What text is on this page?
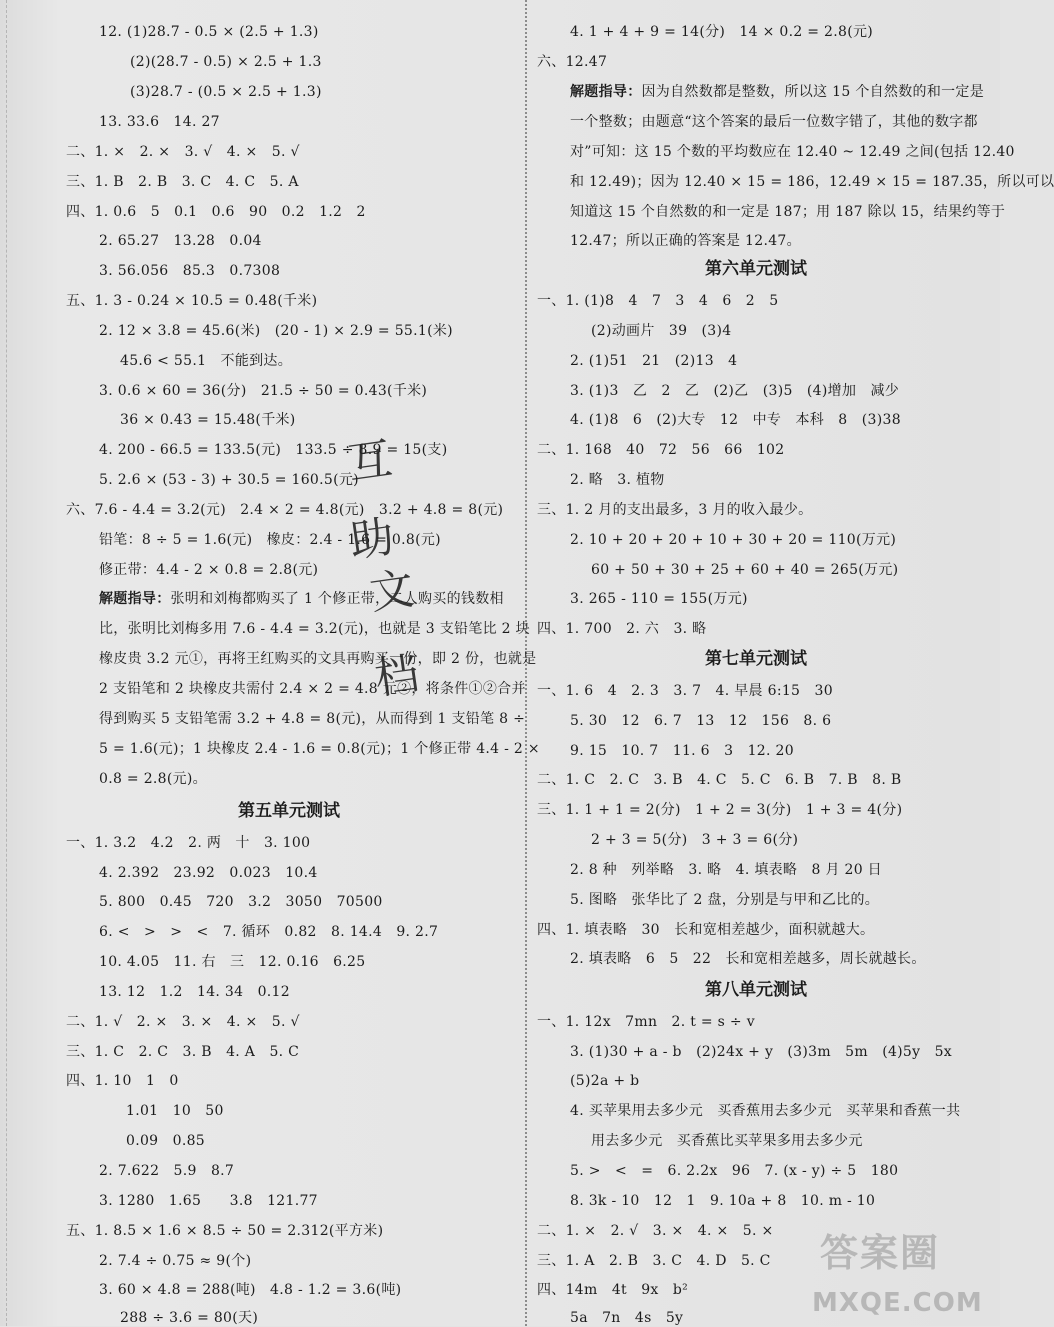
12. (1)28.7 - 0.5 × (2.5 + 1.3)
(2)(28.7 - 0.5) × 2.5 + 1.3
(3)28.7 - (0.5 × 2.5 + 1.3)
13. 33.6   14. 27
二、1. ×   2. ×   3. √   4. ×   5. √
三、1. B   2. B   3. C   4. C   5. A
四、1. 0.6   5   0.1   0.6   90   0.2   1.2   2
2. 65.27   13.28   0.04
3. 56.056   85.3   0.7308
五、1. 3 - 0.24 × 10.5 = 0.48(千米)
2. 12 × 3.8 = 45.6(米)   (20 - 1) × 2.9 = 55.1(米)
45.6 < 55.1   不能到达。
3. 0.6 × 60 = 36(分)   21.5 ÷ 50 = 0.43(千米)
36 × 0.43 = 15.48(千米)
4. 200 - 66.5 = 133.5(元)   133.5 ÷ 8.9 = 15(支)
5. 2.6 × (53 - 3) + 30.5 = 160.5(元)
六、7.6 - 4.4 = 3.2(元)   2.4 × 2 = 4.8(元)   3.2 + 4.8 = 8(元)
铅笔：8 ÷ 5 = 1.6(元)   橡皮：2.4 - 1.6 = 0.8(元)
修正带：4.4 - 2 × 0.8 = 2.8(元)
解题指导：张明和刘梅都购买了 1 个修正带，二人购买的钱数相
比，张明比刘梅多用 7.6 - 4.4 = 3.2(元)，也就是 3 支铅笔比 2 块
橡皮贵 3.2 元①，再将王红购买的文具再购买一份，即 2 份，也就是
2 支铅笔和 2 块橡皮共需付 2.4 × 2 = 4.8 元②，将条件①②合并
得到购买 5 支铅笔需 3.2 + 4.8 = 8(元)，从而得到 1 支铅笔 8 ÷
5 = 1.6(元)；1 块橡皮 2.4 - 1.6 = 0.8(元)；1 个修正带 4.4 - 2 ×
0.8 = 2.8(元)。
第五单元测试
一、1. 3.2   4.2   2. 两   十   3. 100
4. 2.392   23.92   0.023   10.4
5. 800   0.45   720   3.2   3050   70500
6. <   >   >   <   7. 循环   0.82   8. 14.4   9. 2.7
10. 4.05   11. 右   三   12. 0.16   6.25
13. 12   1.2   14. 34   0.12
二、1. √   2. ×   3. ×   4. ×   5. √
三、1. C   2. C   3. B   4. A   5. C
四、1. 10   1   0
1.01   10   50
0.09   0.85
2. 7.622   5.9   8.7
3. 1280   1.65      3.8   121.77
五、1. 8.5 × 1.6 × 8.5 ÷ 50 = 2.312(平方米)
2. 7.4 ÷ 0.75 ≈ 9(个)
3. 60 × 4.8 = 288(吨)   4.8 - 1.2 = 3.6(吨)
288 ÷ 3.6 = 80(天)
4. 1 + 4 + 9 = 14(分)   14 × 0.2 = 2.8(元)
六、12.47
解题指导：因为自然数都是整数，所以这 15 个自然数的和一定是
一个整数；由题意“这个答案的最后一位数字错了，其他的数字都
对”可知：这 15 个数的平均数应在 12.40 ~ 12.49 之间(包括 12.40
和 12.49)；因为 12.40 × 15 = 186，12.49 × 15 = 187.35，所以可以
知道这 15 个自然数的和一定是 187；用 187 除以 15，结果约等于
12.47；所以正确的答案是 12.47。
第六单元测试
一、1. (1)8   4   7   3   4   6   2   5
(2)动画片   39   (3)4
2. (1)51   21   (2)13   4
3. (1)3   乙   2   乙   (2)乙   (3)5   (4)增加   减少
4. (1)8   6   (2)大专   12   中专   本科   8   (3)38
二、1. 168   40   72   56   66   102
2. 略   3. 植物
三、1. 2 月的支出最多，3 月的收入最少。
2. 10 + 20 + 20 + 10 + 30 + 20 = 110(万元)
60 + 50 + 30 + 25 + 60 + 40 = 265(万元)
3. 265 - 110 = 155(万元)
四、1. 700   2. 六   3. 略
第七单元测试
一、1. 6   4   2. 3   3. 7   4. 早晨 6:15   30
5. 30   12   6. 7   13   12   156   8. 6
9. 15   10. 7   11. 6   3   12. 20
二、1. C   2. C   3. B   4. C   5. C   6. B   7. B   8. B
三、1. 1 + 1 = 2(分)   1 + 2 = 3(分)   1 + 3 = 4(分)
2 + 3 = 5(分)   3 + 3 = 6(分)
2. 8 种   列举略   3. 略   4. 填表略   8 月 20 日
5. 图略   张华比了 2 盘，分别是与甲和乙比的。
四、1. 填表略   30   长和宽相差越少，面积就越大。
2. 填表略   6   5   22   长和宽相差越多，周长就越长。
第八单元测试
一、1. 12x   7mn   2. t = s ÷ v
3. (1)30 + a - b   (2)24x + y   (3)3m   5m   (4)5y   5x
(5)2a + b
4. 买苹果用去多少元   买香蕉用去多少元   买苹果和香蕉一共
用去多少元   买香蕉比买苹果多用去多少元
5. >   <   =   6. 2.2x   96   7. (x - y) ÷ 5   180
8. 3k - 10   12   1   9. 10a + 8   10. m - 10
二、1. ×   2. √   3. ×   4. ×   5. ×
三、1. A   2. B   3. C   4. D   5. C
四、14m   4t   9x   b²
5a   7n   4s   5y
互
助
文
档
答案圈
MXQE.COM
